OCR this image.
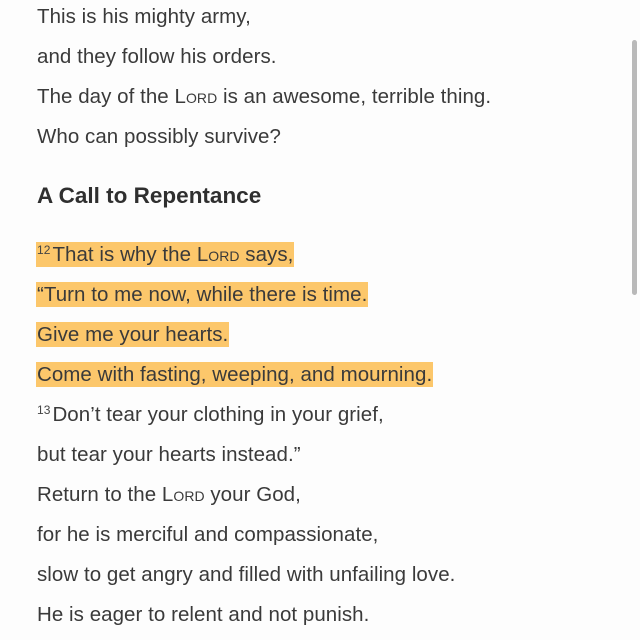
This is his mighty army,
and they follow his orders.
The day of the Lord is an awesome, terrible thing.
Who can possibly survive?
A Call to Repentance
$^{12}$That is why the Lord says,
“Turn to me now, while there is time.
Give me your hearts.
Come with fasting, weeping, and mourning.
$^{13}$Don’t tear your clothing in your grief,
but tear your hearts instead.”
Return to the Lord your God,
for he is merciful and compassionate,
slow to get angry and filled with unfailing love.
He is eager to relent and not punish.
